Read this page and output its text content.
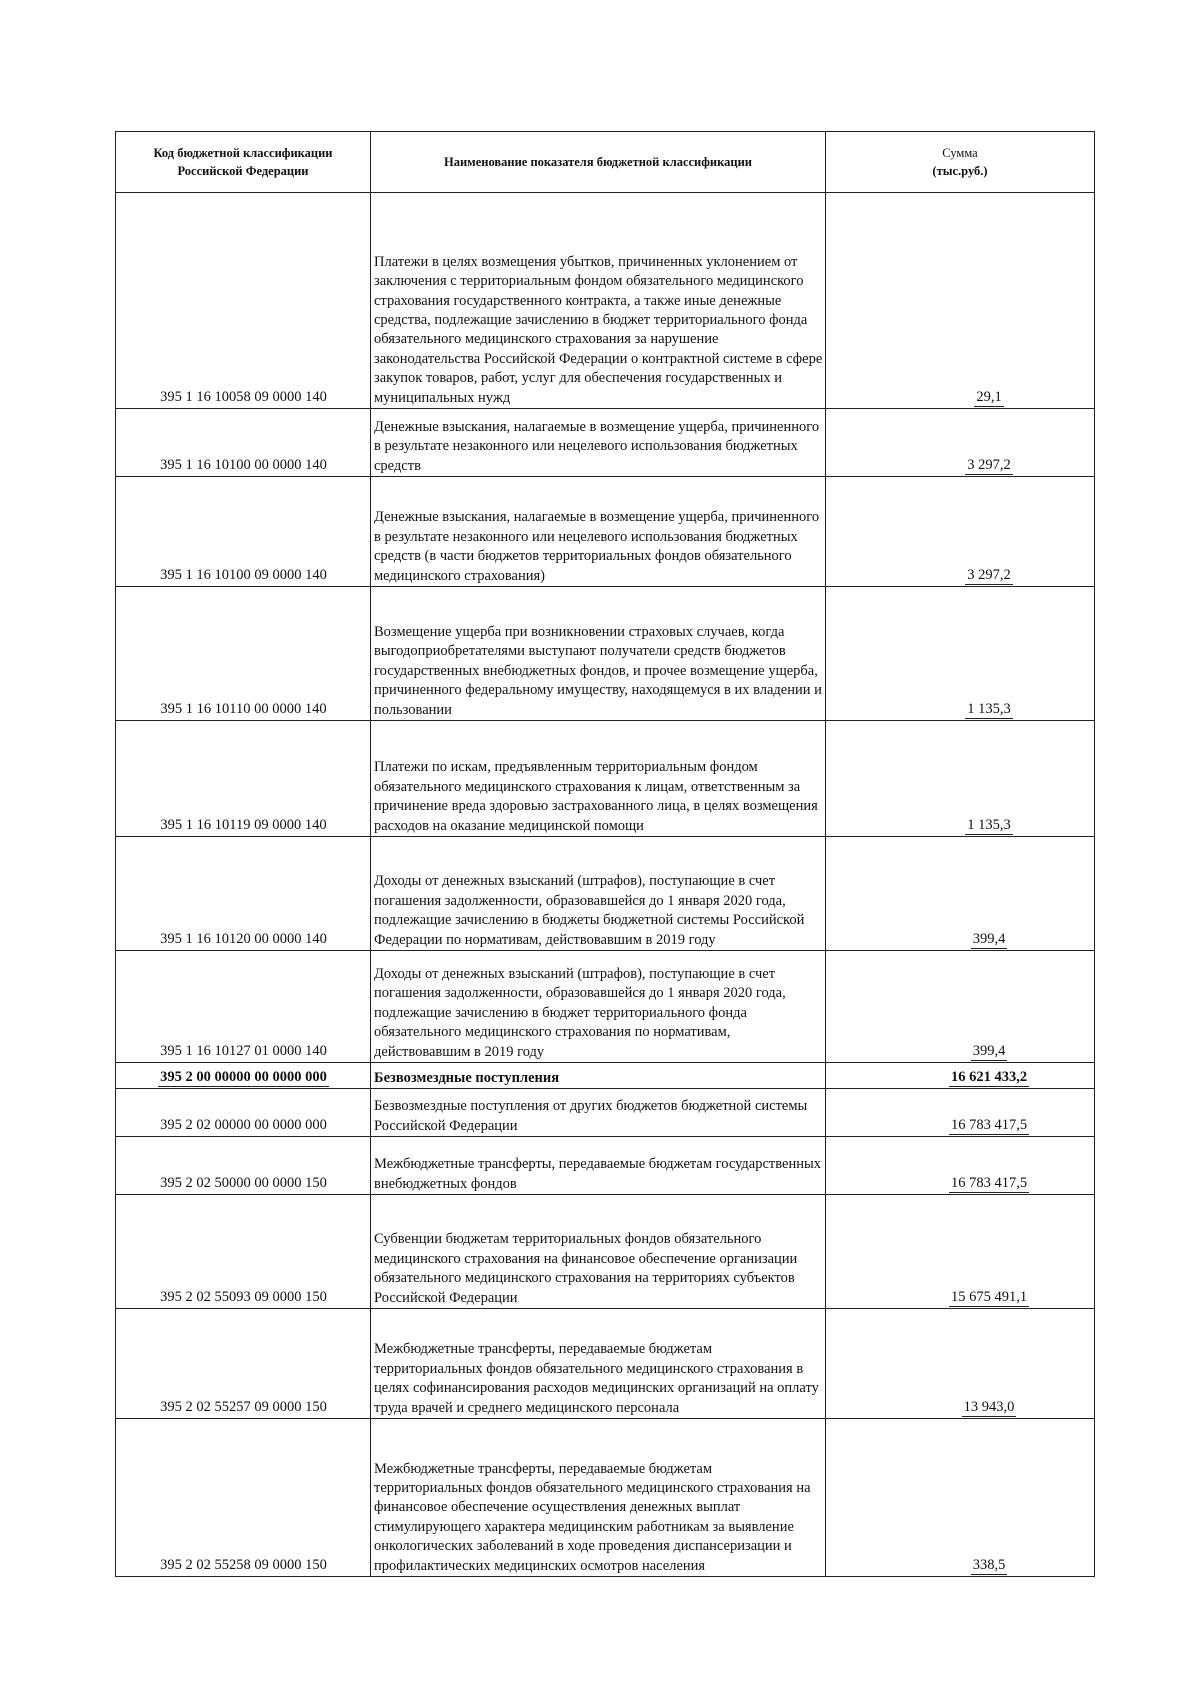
Код бюджетной классификации Российской Федерации	Наименование показателя бюджетной классификации	Сумма
(тыс.руб.)
395 1 16 10058 09 0000 140	Платежи в целях возмещения убытков, причиненных уклонением от заключения с территориальным фондом обязательного медицинского страхования государственного контракта, а также иные денежные средства, подлежащие зачислению в бюджет территориального фонда обязательного медицинского страхования за нарушение законодательства Российской Федерации о контрактной системе в сфере закупок товаров, работ, услуг для обеспечения государственных и муниципальных нужд	29,1
395 1 16 10100 00 0000 140	Денежные взыскания, налагаемые в возмещение ущерба, причиненного в результате незаконного или нецелевого использования бюджетных средств	3 297,2
395 1 16 10100 09 0000 140	Денежные взыскания, налагаемые в возмещение ущерба, причиненного в результате незаконного или нецелевого использования бюджетных средств (в части бюджетов территориальных фондов обязательного медицинского страхования)	3 297,2
395 1 16 10110 00 0000 140	Возмещение ущерба при возникновении страховых случаев, когда выгодоприобретателями выступают получатели средств бюджетов государственных внебюджетных фондов, и прочее возмещение ущерба, причиненного федеральному имуществу, находящемуся в их владении и пользовании	1 135,3
395 1 16 10119 09 0000 140	Платежи по искам, предъявленным территориальным фондом обязательного медицинского страхования к лицам, ответственным за причинение вреда здоровью застрахованного лица, в целях возмещения расходов на оказание медицинской помощи	1 135,3
395 1 16 10120 00 0000 140	Доходы от денежных взысканий (штрафов), поступающие в счет погашения задолженности, образовавшейся до 1 января 2020 года, подлежащие зачислению в бюджеты бюджетной системы Российской Федерации по нормативам, действовавшим в 2019 году	399,4
395 1 16 10127 01 0000 140	Доходы от денежных взысканий (штрафов), поступающие в счет погашения задолженности, образовавшейся до 1 января 2020 года, подлежащие зачислению в бюджет территориального фонда обязательного медицинского страхования по нормативам, действовавшим в 2019 году	399,4
395 2 00 00000 00 0000 000	Безвозмездные поступления	16 621 433,2
395 2 02 00000 00 0000 000	Безвозмездные поступления от других бюджетов бюджетной системы Российской Федерации	16 783 417,5
395 2 02 50000 00 0000 150	Межбюджетные трансферты, передаваемые бюджетам государственных внебюджетных фондов	16 783 417,5
395 2 02 55093 09 0000 150	Субвенции бюджетам территориальных фондов обязательного медицинского страхования на финансовое обеспечение организации обязательного медицинского страхования на территориях субъектов Российской Федерации	15 675 491,1
395 2 02 55257 09 0000 150	Межбюджетные трансферты, передаваемые бюджетам территориальных фондов обязательного медицинского страхования в целях софинансирования расходов медицинских организаций на оплату труда врачей и среднего медицинского персонала	13 943,0
395 2 02 55258 09 0000 150	Межбюджетные трансферты, передаваемые бюджетам территориальных фондов обязательного медицинского страхования на финансовое обеспечение осуществления денежных выплат стимулирующего характера медицинским работникам за выявление онкологических заболеваний в ходе проведения диспансеризации и профилактических медицинских осмотров населения	338,5
